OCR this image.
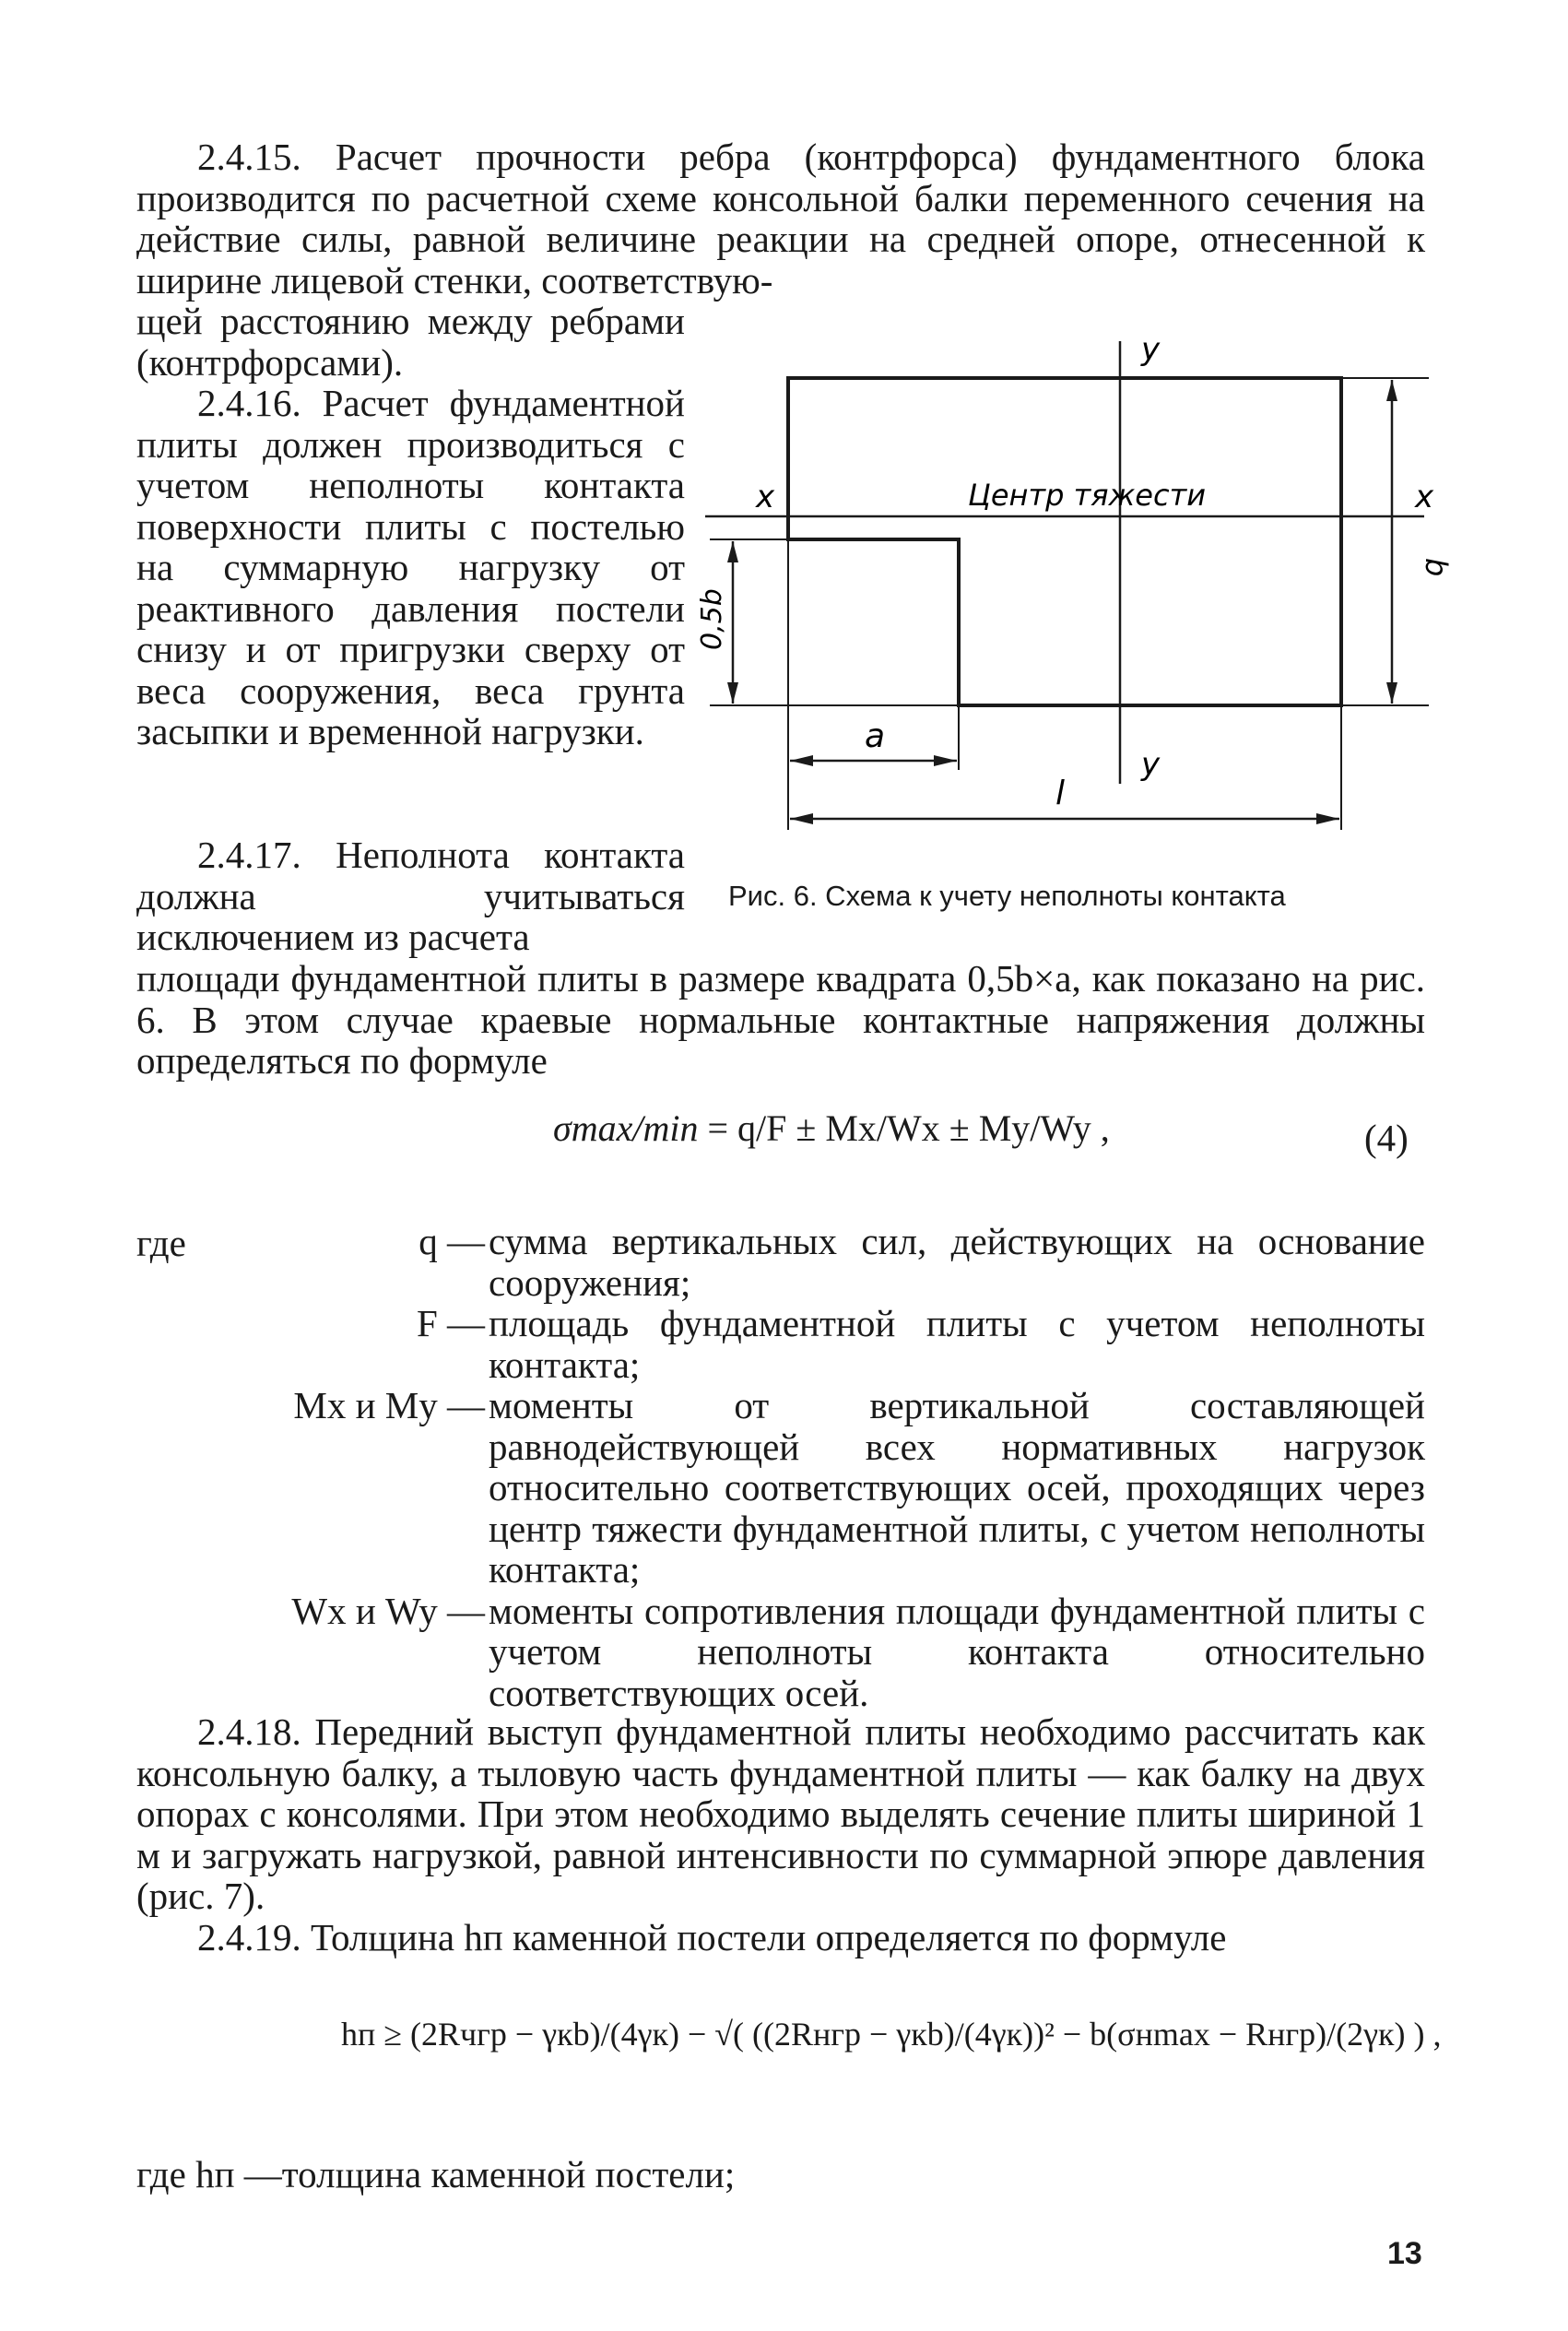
2.4.15. Расчет прочности ребра (контрфорса) фундаментного блока производится по расчетной схеме консольной балки переменного сечения на действие силы, равной величине реакции на средней опоре, отнесенной к ширине лицевой стенки, соответствую-

щей расстоянию между ребрами (контрфорсами).

2.4.16. Расчет фундаментной плиты должен производиться с учетом неполноты контакта поверхности плиты с постелью на суммарную нагрузку от реактивного давления постели снизу и от пригрузки сверху от веса сооружения, веса грунта засыпки и временной нагрузки.

2.4.17. Неполнота контакта должна учитываться исключением из расчета

площади фундаментной плиты в размере квадрата 0,5b×a, как показано на рис. 6. В этом случае краевые нормальные контактные напряжения должны определяться по формуле

Центр тяжести
x	x
y
y
a
l
b
0,5b
Рис. 6. Схема к учету неполноты контакта
σmax/min = q/F ± Mx/Wx ± My/Wy ,	(4)
где	q — сумма вертикальных сил, действующих на основание сооружения;
F — площадь фундаментной плиты с учетом неполноты контакта;
Mx и My — моменты от вертикальной составляющей равнодействующей всех нормативных нагрузок относительно соответствующих осей, проходящих через центр тяжести фундаментной плиты, с учетом неполноты контакта;
Wx и Wy — моменты сопротивления площади фундаментной плиты с учетом неполноты контакта относительно соответствующих осей.

2.4.18. Передний выступ фундаментной плиты необходимо рассчитать как консольную балку, а тыловую часть фундаментной плиты — как балку на двух опорах с консолями. При этом необходимо выделять сечение плиты шириной 1 м и загружать нагрузкой, равной интенсивности по суммарной эпюре давления (рис. 7).

2.4.19. Толщина hп каменной постели определяется по формуле

hп ≥ (2Rчгр − γкb)/(4γк) − √( ((2Rнгр − γкb)/(4γк))² − b(σнmax − Rнгр)/(2γк) ) ,

где hп —толщина каменной постели;

13
